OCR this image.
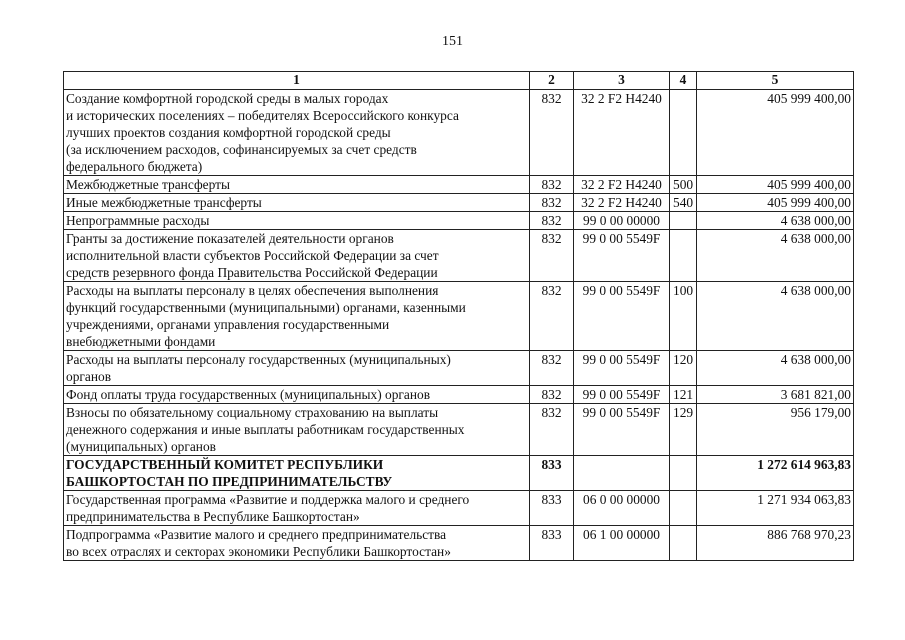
151
1	2	3	4	5
Создание комфортной городской среды в малых городах
и исторических поселениях – победителях Всероссийского конкурса
лучших проектов создания комфортной городской среды
(за исключением расходов, софинансируемых за счет средств
федерального бюджета)	832	32 2 F2 H4240		405 999 400,00
Межбюджетные трансферты	832	32 2 F2 H4240	500	405 999 400,00
Иные межбюджетные трансферты	832	32 2 F2 H4240	540	405 999 400,00
Непрограммные расходы	832	99 0 00 00000		4 638 000,00
Гранты за достижение показателей деятельности органов
исполнительной власти субъектов Российской Федерации за счет
средств резервного фонда Правительства Российской Федерации	832	99 0 00 5549F		4 638 000,00
Расходы на выплаты персоналу в целях обеспечения выполнения
функций государственными (муниципальными) органами, казенными
учреждениями, органами управления государственными
внебюджетными фондами	832	99 0 00 5549F	100	4 638 000,00
Расходы на выплаты персоналу государственных (муниципальных)
органов	832	99 0 00 5549F	120	4 638 000,00
Фонд оплаты труда государственных (муниципальных) органов	832	99 0 00 5549F	121	3 681 821,00
Взносы по обязательному социальному страхованию на выплаты
денежного содержания и иные выплаты работникам государственных
(муниципальных) органов	832	99 0 00 5549F	129	956 179,00
ГОСУДАРСТВЕННЫЙ КОМИТЕТ РЕСПУБЛИКИ
БАШКОРТОСТАН ПО ПРЕДПРИНИМАТЕЛЬСТВУ	833			1 272 614 963,83
Государственная программа «Развитие и поддержка малого и среднего
предпринимательства в Республике Башкортостан»	833	06 0 00 00000		1 271 934 063,83
Подпрограмма «Развитие малого и среднего предпринимательства
во всех отраслях и секторах экономики Республики Башкортостан»	833	06 1 00 00000		886 768 970,23
